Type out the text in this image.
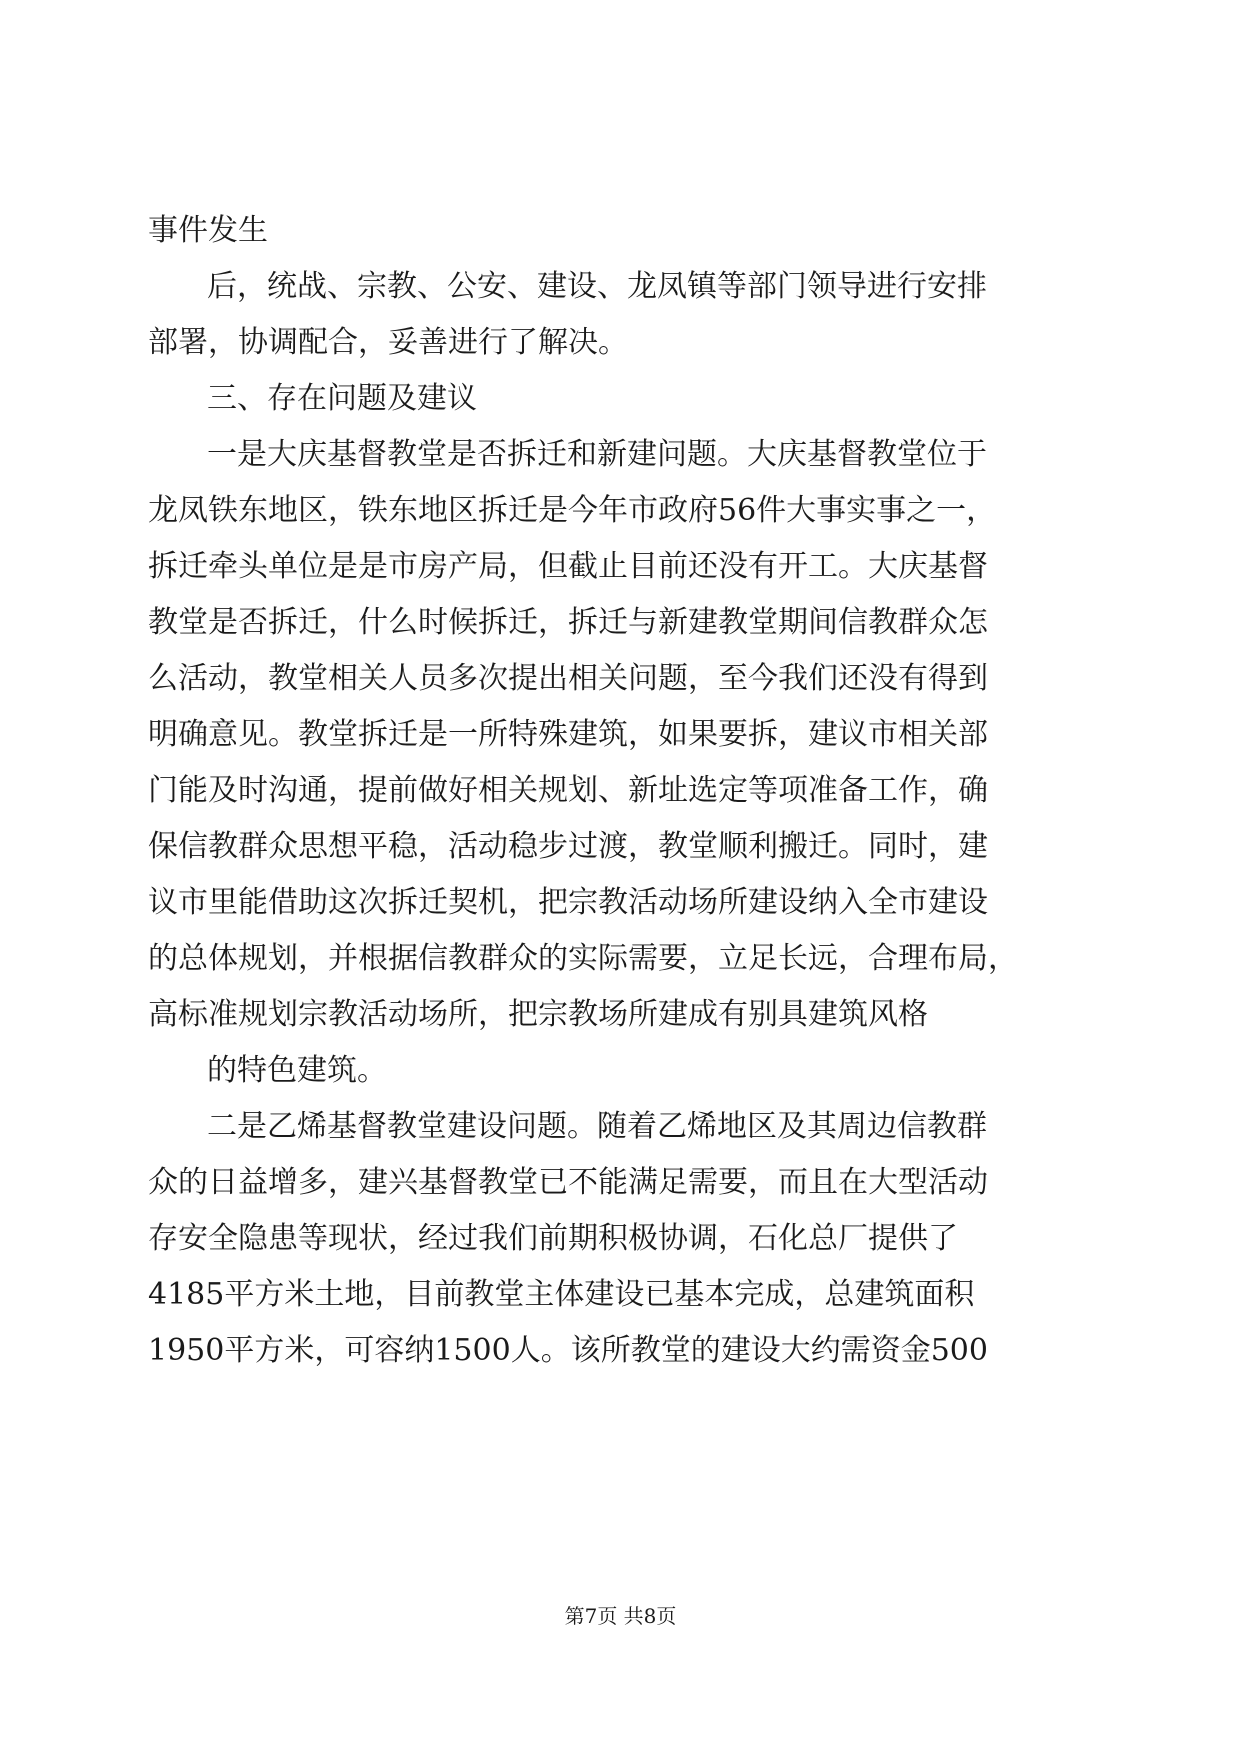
事件发生
后，统战、宗教、公安、建设、龙凤镇等部门领导进行安排
部署，协调配合，妥善进行了解决。
三、存在问题及建议
一是大庆基督教堂是否拆迁和新建问题。大庆基督教堂位于
龙凤铁东地区，铁东地区拆迁是今年市政府56件大事实事之一，
拆迁牵头单位是是市房产局，但截止目前还没有开工。大庆基督
教堂是否拆迁，什么时候拆迁，拆迁与新建教堂期间信教群众怎
么活动，教堂相关人员多次提出相关问题，至今我们还没有得到
明确意见。教堂拆迁是一所特殊建筑，如果要拆，建议市相关部
门能及时沟通，提前做好相关规划、新址选定等项准备工作，确
保信教群众思想平稳，活动稳步过渡，教堂顺利搬迁。同时，建
议市里能借助这次拆迁契机，把宗教活动场所建设纳入全市建设
的总体规划，并根据信教群众的实际需要，立足长远，合理布局，
高标准规划宗教活动场所，把宗教场所建成有别具建筑风格
的特色建筑。
二是乙烯基督教堂建设问题。随着乙烯地区及其周边信教群
众的日益增多，建兴基督教堂已不能满足需要，而且在大型活动
存安全隐患等现状，经过我们前期积极协调，石化总厂提供了
4185平方米土地，目前教堂主体建设已基本完成，总建筑面积
1950平方米，可容纳1500人。该所教堂的建设大约需资金500
第7页 共8页
